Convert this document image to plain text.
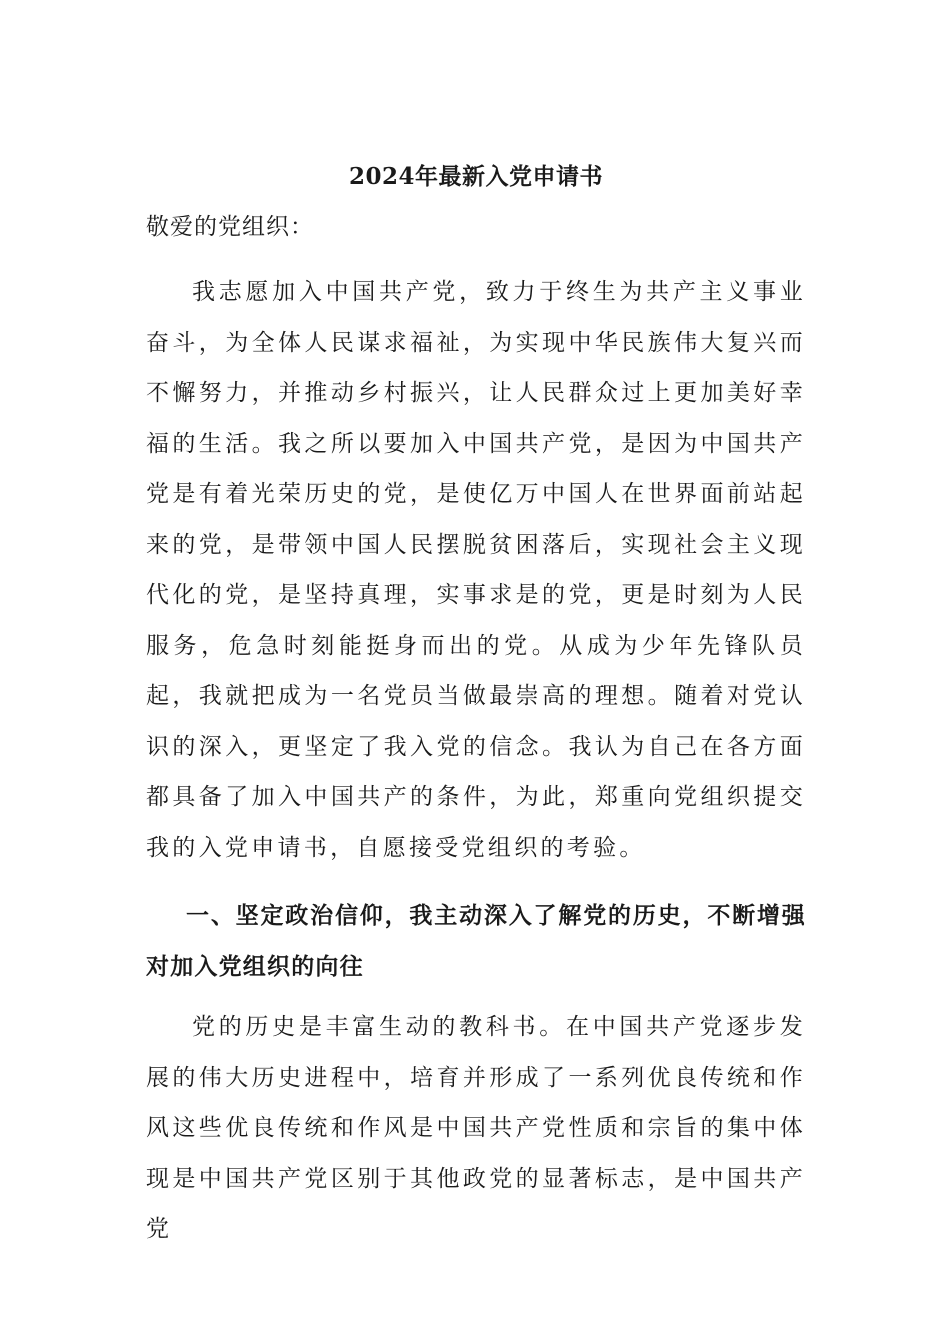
2024年最新入党申请书

敬爱的党组织：

我志愿加入中国共产党，致力于终生为共产主义事业奋斗，为全体人民谋求福祉，为实现中华民族伟大复兴而不懈努力，并推动乡村振兴，让人民群众过上更加美好幸福的生活。我之所以要加入中国共产党，是因为中国共产党是有着光荣历史的党，是使亿万中国人在世界面前站起来的党，是带领中国人民摆脱贫困落后，实现社会主义现代化的党，是坚持真理，实事求是的党，更是时刻为人民服务，危急时刻能挺身而出的党。从成为少年先锋队员起，我就把成为一名党员当做最崇高的理想。随着对党认识的深入，更坚定了我入党的信念。我认为自己在各方面都具备了加入中国共产的条件，为此，郑重向党组织提交我的入党申请书，自愿接受党组织的考验。

一、坚定政治信仰，我主动深入了解党的历史，不断增强对加入党组织的向往

党的历史是丰富生动的教科书。在中国共产党逐步发展的伟大历史进程中，培育并形成了一系列优良传统和作风这些优良传统和作风是中国共产党性质和宗旨的集中体现是中国共产党区别于其他政党的显著标志，是中国共产党
